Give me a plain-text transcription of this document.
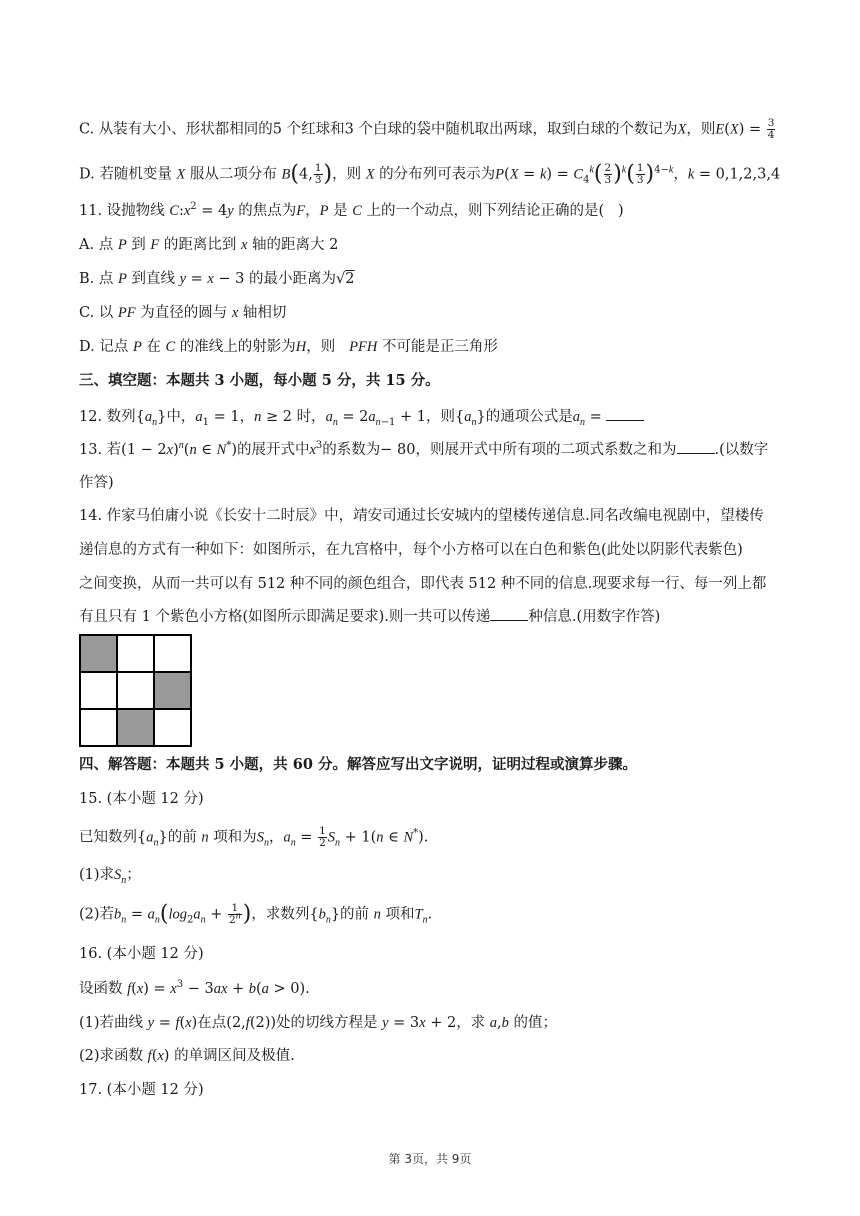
C. 从装有大小、形状都相同的5 个红球和3 个白球的袋中随机取出两球，取到白球的个数记为X，则$E(X) = \frac{3}{4}$
D. 若随机变量 X 服从二项分布 B(4, $\frac{1}{3}$ )，则 X 的分布列可表示为$P(X = k) = C_4^k( \frac{2}{3} )^k( \frac{1}{3} )^{4-k}$，k = 0,1,2,3,4
11. 设抛物线 $C:x^2 = 4y$ 的焦点为F，P 是 C 上的一个动点，则下列结论正确的是(   )
A. 点 P 到 F 的距离比到 x 轴的距离大 2
B. 点 P 到直线 y = x − 3 的最小距离为√2
C. 以 PF 为直径的圆与 x 轴相切
D. 记点 P 在 C 的准线上的射影为H，则 PFH 不可能是正三角形
三、填空题：本题共 3 小题，每小题 5 分，共 15 分。
12. 数列$\{a_n\}$中，$a_1 = 1$，n ≥ 2 时，$a_n = 2a_{n-1} + 1$，则$\{a_n\}$的通项公式是$a_n$ =
13. 若$(1 - 2x)^n(n$ ∈ N*)的展开式中$x^3$的系数为− 80，则展开式中所有项的二项式系数之和为	.(以数字
作答)
14. 作家马伯庸小说《长安十二时辰》中，靖安司通过长安城内的望楼传递信息.同名改编电视剧中，望楼传
递信息的方式有一种如下：如图所示，在九宫格中，每个小方格可以在白色和紫色(此处以阴影代表紫色)
之间变换，从而一共可以有 512 种不同的颜色组合，即代表 512 种不同的信息.现要求每一行、每一列上都
有且只有 1 个紫色小方格(如图所示即满足要求).则一共可以传递	种信息.(用数字作答)
四、解答题：本题共 5 小题，共 60 分。解答应写出文字说明，证明过程或演算步骤。
15. (本小题 12 分)
已知数列$\{a_n\}$的前 n 项和为$S_n$，$a_n = \frac{1}{2} S_n + 1(n$ ∈ N*).
(1)求$S_n$；
(2)若$b_n = a_n(\log_2a_n + \frac{1}{2^n}$ )，求数列$\{b_n\}$的前 n 项和$T_n$.
16. (本小题 12 分)
设函数 $f(x) = x^3 - 3ax + b(a > 0)$.
(1)若曲线 y = f(x)在点(2,f(2))处的切线方程是 y = 3x + 2，求 a,b 的值；
(2)求函数 f(x) 的单调区间及极值.
17. (本小题 12 分)
第 3页，共 9页
